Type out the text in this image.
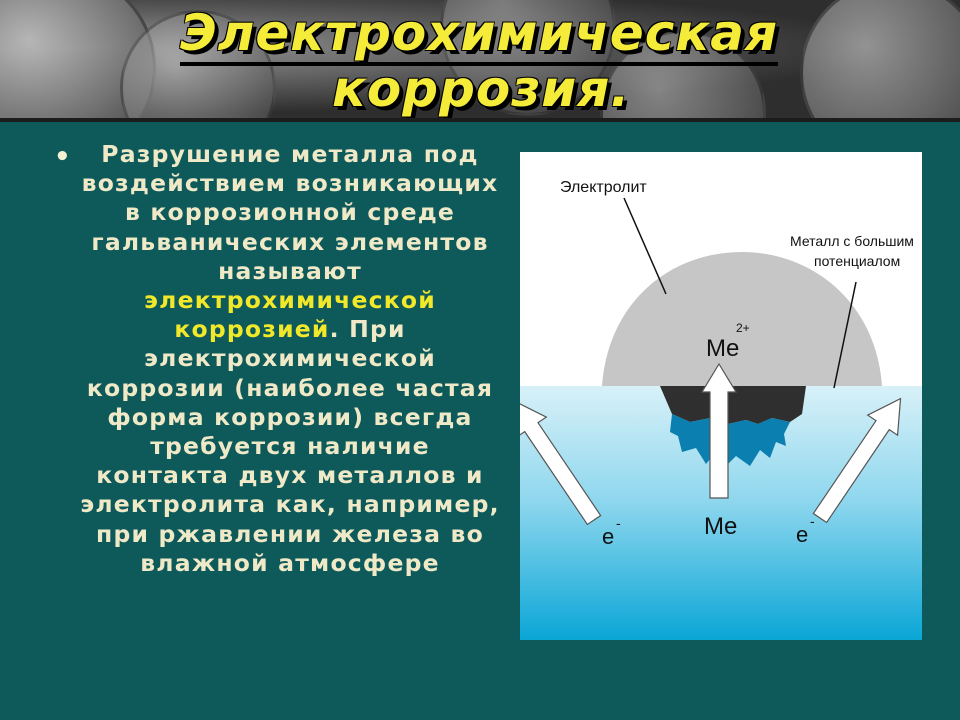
Электрохимическая
коррозия.
•	Разрушение металла под воздействием возникающих в коррозионной среде гальванических элементов называют электрохимической коррозией. При электрохимической коррозии (наиболее частая форма коррозии) всегда требуется наличие контакта двух металлов и электролита как, например, при ржавлении железа во влажной атмосфере
Электролит
Металл с большим
потенциалом
Me
2+
Me
e
-	e
-
